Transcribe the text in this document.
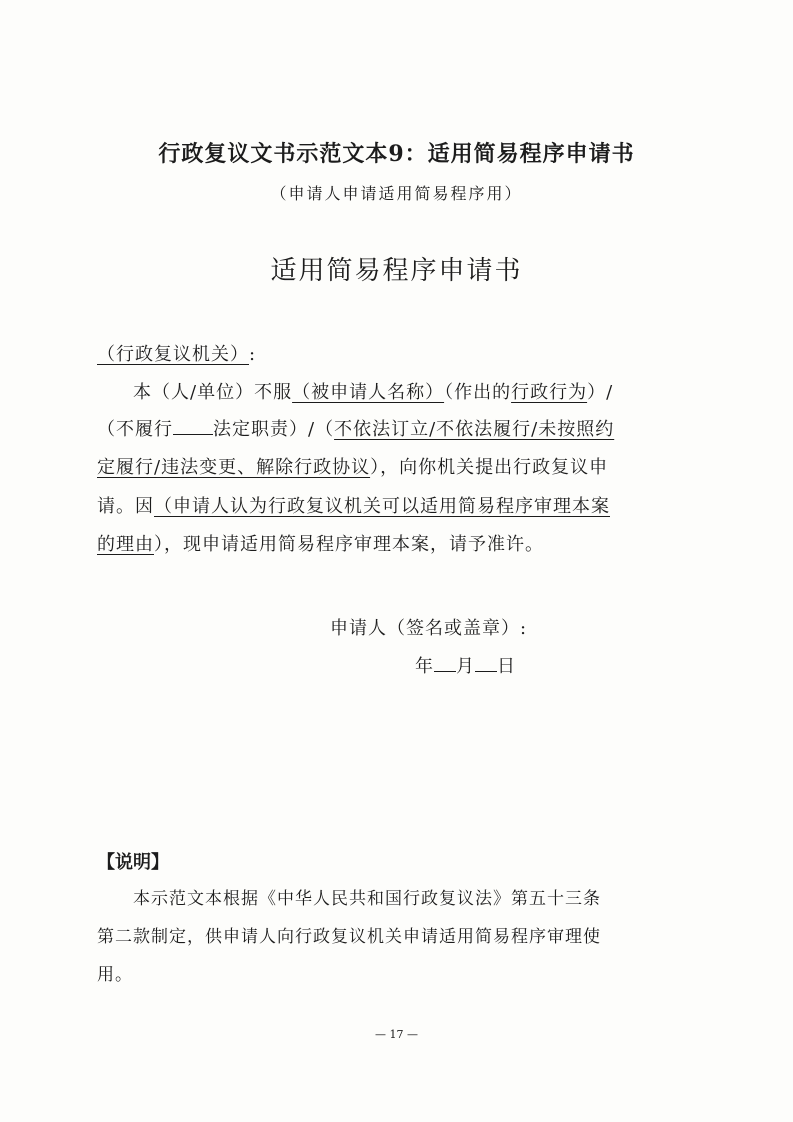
行政复议文书示范文本9：适用简易程序申请书
（申请人申请适用简易程序用）
适用简易程序申请书
（行政复议机关）:
本（人/单位）不服（被申请人名称）（作出的行政行为）/
（不履行 法定职责）/（不依法订立/不依法履行/未按照约
定履行/违法变更、解除行政协议），向你机关提出行政复议申
请。因（申请人认为行政复议机关可以适用简易程序审理本案
的理由），现申请适用简易程序审理本案，请予准许。
申请人（签名或盖章）:
年 月 日
【说明】
本示范文本根据《中华人民共和国行政复议法》第五十三条
第二款制定，供申请人向行政复议机关申请适用简易程序审理使
用。
— 17 —
